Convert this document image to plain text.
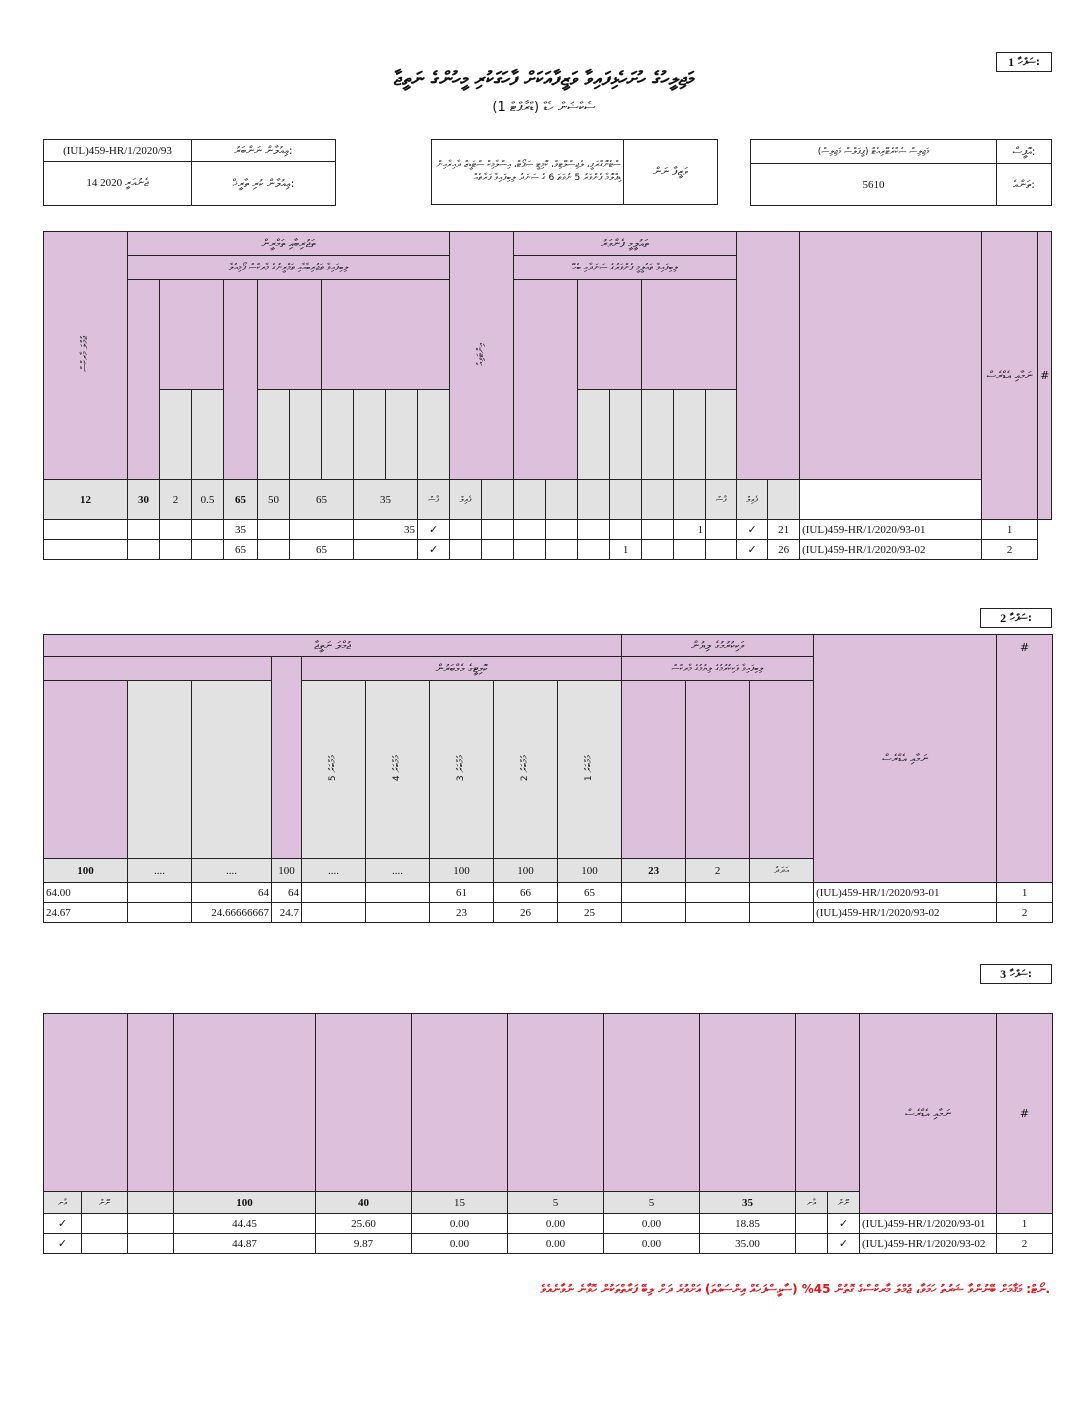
1 ސަފްހާ:
މަޖިލީހުގެ ހުށަހެޅިފައިވާ ވަޒީފާއަކަށް ފާހަގަކުރި މީހުންގެ ނަތީޖާ
ސެކްޝަން ހެޑް (ޑްރާފްޓް 1)
(IUL)459-HR/1/2020/93	ޢިއުލާން ނަންބަރު:
14 ޖެނުއަރީ 2020	ޢިއުލާން ކުރި ތާރީޚް:
ސްޓެނޮގްރަފީ، ލެޖިސްލޭޓިވް، ކޮމިޓީ ސަޕޯޓް، އިސްލާމިކް ސްޓަޑީޒް ދާއިރާއިން ޑިޕްލޮމާ ފެންވަރު 5 ނުވަތަ 6 ގެ ސަނަދު ލިބިފައިވާ ފަރާތެއް	ވަޒީފާ ނަން
މަޖިލިސް ސެކްރެޓޭރިއެޓް (ޕީޕަލްސް މަޖިލިސް)	އޮފީސް:
5610	ތަންއެ:
ޖުމްލަ މާރކްސް	ތަޖުރިބާއި ތަމްރީން										އިންޓަވިއު		ތައުލީމީ ފެންވަރު										ނަމާއި އެޑްރެސް	#
	ލިބިފައިވާ ތަޖުރިބާއާއި ތަމްރީނުގެ މާރކްސް ފޯމިއުލާ												ލިބިފައިވާ ތައުލީމީ ފެންވަރުގެ ސަނަދާއި ބެހޭ											

12	30	2	0.5	65	50	65		35		ފާސް	ފެއިލް								ފާސް	ފެއިލް				
				35				35		✓								1		✓	21	(IUL)459-HR/1/2020/93-01	1	
				65		65				✓						1				✓	26	(IUL)459-HR/1/2020/93-02	2	
2 ސަފްހާ:
ޖުމްލަ ނަތީޖާ									ވަކިކުރުމުގެ ލިޔުން			ނަމާއި އެޑްރެސް	#
				ކޮމިޓީގެ މެމްބަރުން					ލިބިފައިވާ ވަކިކުރުމުގެ ލިޔުމުގެ މާރކްސް				
				5 މެމްބަރު	4 މެމްބަރު	3 މެމްބަރު	2 މެމްބަރު	1 މެމްބަރު					
100	....	....	100	....	....	100	100	100	23	2	އަދަދު		
64.00		64	64			61	66	65				(IUL)459-HR/1/2020/93-01	1
24.67		24.66666667	24.7			23	26	25				(IUL)459-HR/1/2020/93-02	2
3 ސަފްހާ:
											ނަމާއި އެޑްރެސް	#
އާނ	ނޫން		100	40	15	5	5	35	އާނ	ނޫން		
✓			44.45	25.60	0.00	0.00	0.00	18.85		✓	(IUL)459-HR/1/2020/93-01	1
✓			44.87	9.87	0.00	0.00	0.00	35.00		✓	(IUL)459-HR/1/2020/93-02	2
ނޯޓް: މަޤާމަށް ބޭނުންވާ ޝަރުތު ހަމަވާ، ޖުމްލަ މާރކްސްގެ ގޮތުން 45% (ސާޅީސްފަހެއް އިންސައްތަ) އަށްވުރެ ދަށް ލިބޭ ފަރާތްތަކުން ހޮވާނެ ނުވާނެއެވެ.
